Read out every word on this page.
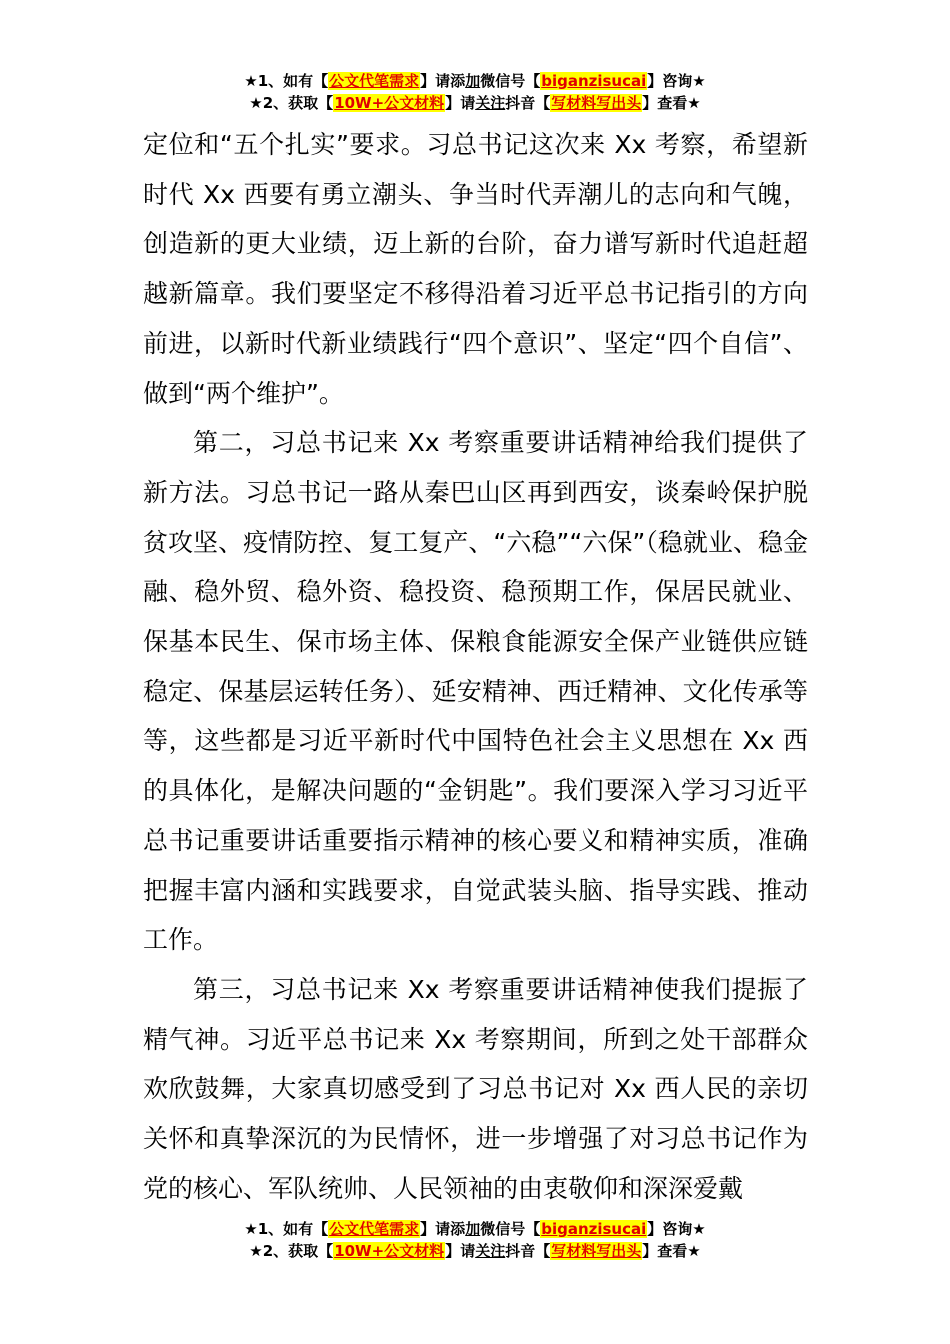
★1、如有【公文代笔需求】请添加微信号【biganzisucai】咨询★
★2、获取【10W+公文材料】请关注抖音【写材料写出头】查看★

定位和“五个扎实”要求。习总书记这次来 Xx 考察，希望新时代 Xx 西要有勇立潮头、争当时代弄潮儿的志向和气魄，创造新的更大业绩，迈上新的台阶，奋力谱写新时代追赶超越新篇章。我们要坚定不移得沿着习近平总书记指引的方向前进，以新时代新业绩践行“四个意识”、坚定“四个自信”、做到“两个维护”。

第二，习总书记来 Xx 考察重要讲话精神给我们提供了新方法。习总书记一路从秦巴山区再到西安，谈秦岭保护脱贫攻坚、疫情防控、复工复产、“六稳”“六保”（稳就业、稳金融、稳外贸、稳外资、稳投资、稳预期工作，保居民就业、保基本民生、保市场主体、保粮食能源安全保产业链供应链稳定、保基层运转任务）、延安精神、西迁精神、文化传承等等，这些都是习近平新时代中国特色社会主义思想在 Xx 西的具体化，是解决问题的“金钥匙”。我们要深入学习习近平总书记重要讲话重要指示精神的核心要义和精神实质，准确把握丰富内涵和实践要求，自觉武装头脑、指导实践、推动工作。

第三，习总书记来 Xx 考察重要讲话精神使我们提振了精气神。习近平总书记来 Xx 考察期间，所到之处干部群众欢欣鼓舞，大家真切感受到了习总书记对 Xx 西人民的亲切关怀和真挚深沉的为民情怀，进一步增强了对习总书记作为党的核心、军队统帅、人民领袖的由衷敬仰和深深爱戴

★1、如有【公文代笔需求】请添加微信号【biganzisucai】咨询★
★2、获取【10W+公文材料】请关注抖音【写材料写出头】查看★
